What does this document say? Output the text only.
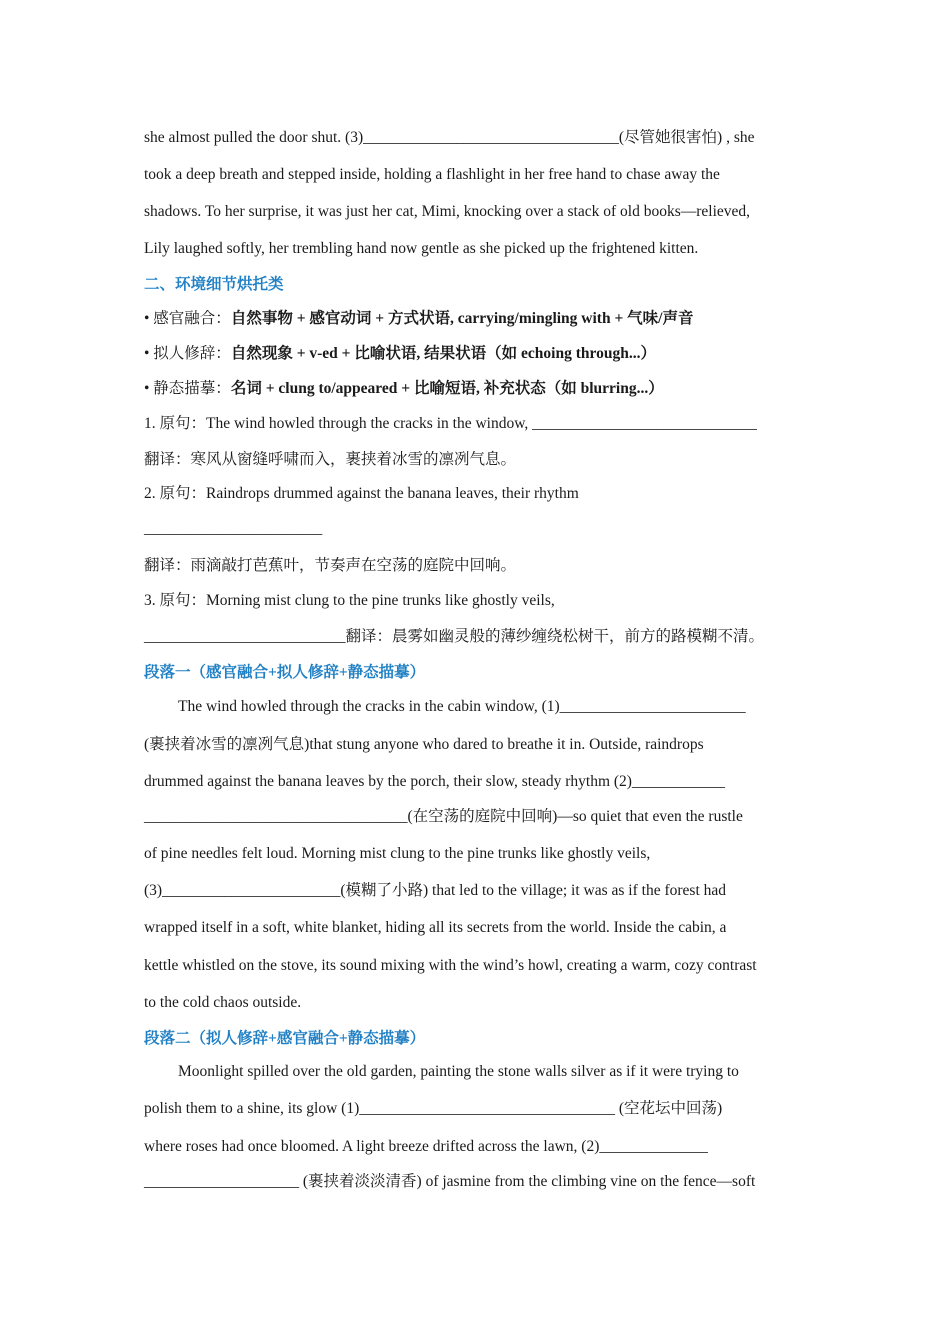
she almost pulled the door shut. (3)_________________________________(尽管她很害怕) , she
took a deep breath and stepped inside, holding a flashlight in her free hand to chase away the
shadows. To her surprise, it was just her cat, Mimi, knocking over a stack of old books—relieved,
Lily laughed softly, her trembling hand now gentle as she picked up the frightened kitten.
二、环境细节烘托类
• 感官融合：自然事物 + 感官动词 + 方式状语, carrying/mingling with + 气味/声音
• 拟人修辞：自然现象 + v-ed + 比喻状语, 结果状语（如 echoing through...）
• 静态描摹：名词 + clung to/appeared + 比喻短语, 补充状态（如 blurring...）
1. 原句：The wind howled through the cracks in the window, _____________________________
翻译：寒风从窗缝呼啸而入，裹挟着冰雪的凛冽气息。
2. 原句：Raindrops drummed against the banana leaves, their rhythm
_______________________
翻译：雨滴敲打芭蕉叶，节奏声在空荡的庭院中回响。
3. 原句：Morning mist clung to the pine trunks like ghostly veils,
__________________________翻译：晨雾如幽灵般的薄纱缠绕松树干，前方的路模糊不清。
段落一（感官融合+拟人修辞+静态描摹）
The wind howled through the cracks in the cabin window, (1)________________________
(裹挟着冰雪的凛冽气息)that stung anyone who dared to breathe it in. Outside, raindrops
drummed against the banana leaves by the porch, their slow, steady rhythm (2)____________
__________________________________(在空荡的庭院中回响)—so quiet that even the rustle
of pine needles felt loud. Morning mist clung to the pine trunks like ghostly veils,
(3)_______________________(模糊了小路) that led to the village; it was as if the forest had
wrapped itself in a soft, white blanket, hiding all its secrets from the world. Inside the cabin, a
kettle whistled on the stove, its sound mixing with the wind’s howl, creating a warm, cozy contrast
to the cold chaos outside.
段落二（拟人修辞+感官融合+静态描摹）
Moonlight spilled over the old garden, painting the stone walls silver as if it were trying to
polish them to a shine, its glow (1)_________________________________ (空花坛中回荡)
where roses had once bloomed. A light breeze drifted across the lawn, (2)______________
____________________ (裹挟着淡淡清香) of jasmine from the climbing vine on the fence—soft
